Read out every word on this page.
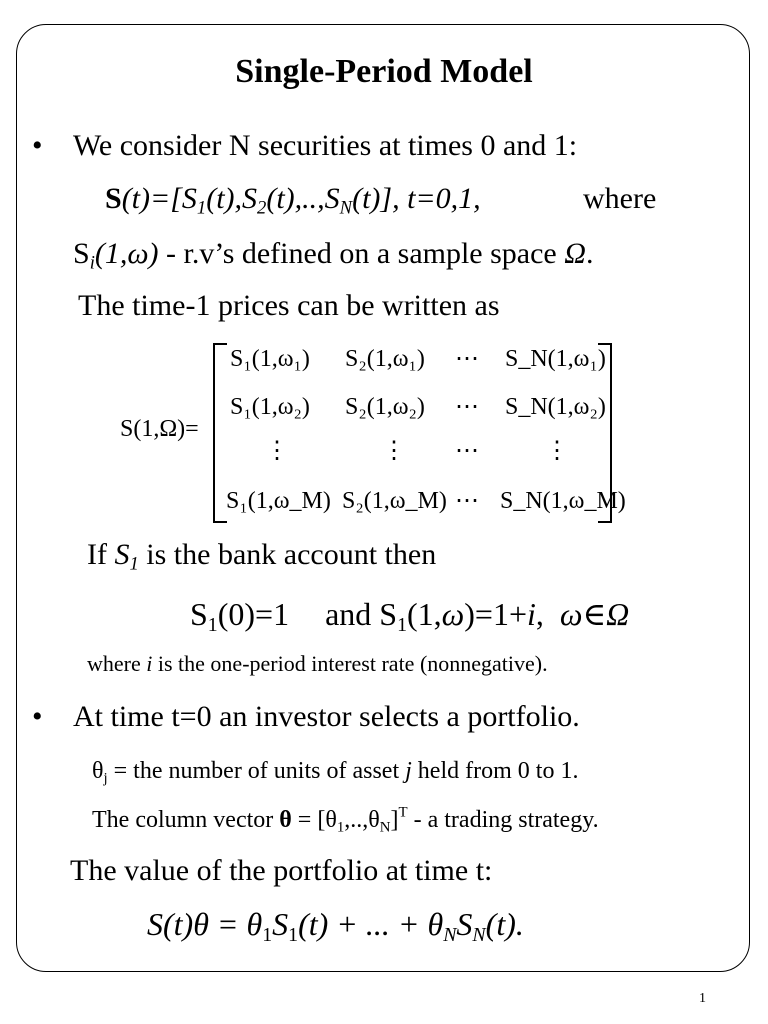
Single-Period Model
• We consider N securities at times 0 and 1:
$S(t)=[S_1(t),S_2(t),..,S_N(t)]$, t=0,1,	where
$S_i(1,\omega)$ - r.v’s defined on a sample space Ω.
The time-1 prices can be written as
S(1,Ω)=
S₁(1,ω₁) S₂(1,ω₁) ⋯ S_N(1,ω₁)
S₁(1,ω₂) S₂(1,ω₂) ⋯ S_N(1,ω₂)
⋮	⋮ ⋯	⋮
S₁(1,ω_M) S₂(1,ω_M) ⋯ S_N(1,ω_M)
If $S_1$ is the bank account then
$S_1(0)=1$ and $S_1(1,\omega)=1+i$, ω∈Ω
where i is the one-period interest rate (nonnegative).
• At time t=0 an investor selects a portfolio.
$\theta_j$ = the number of units of asset j held from 0 to 1.
The column vector $\theta = [\theta_1,..,\theta_N]^T - a$ trading strategy.
The value of the portfolio at time t:
$S(t)\theta = \theta_1S_1(t)$ + ... + $\theta_NS_N(t)$.
1
